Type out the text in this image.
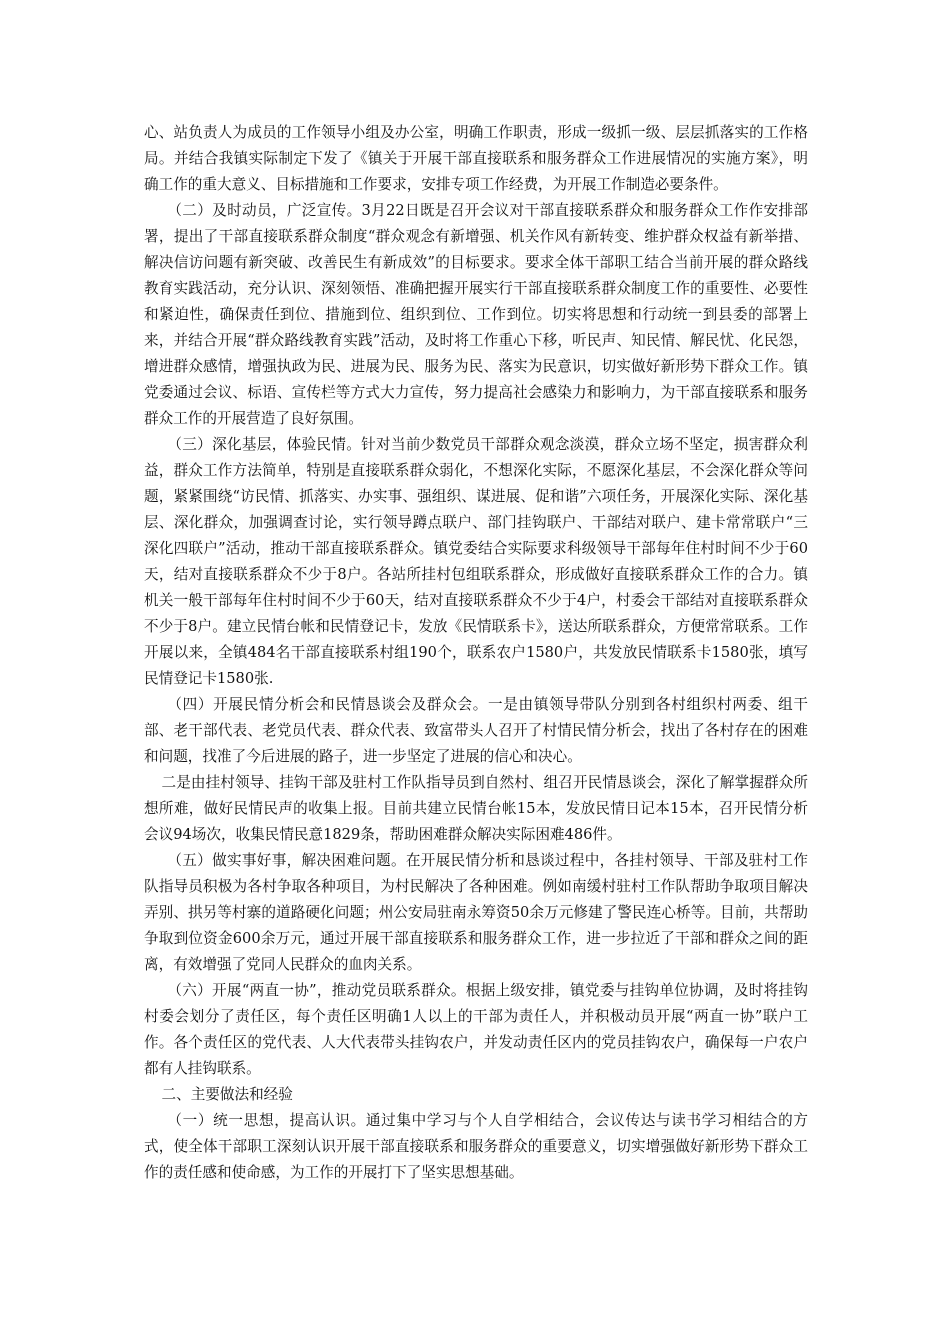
心、站负责人为成员的工作领导小组及办公室，明确工作职责，形成一级抓一级、层层抓落实的工作格局。并结合我镇实际制定下发了《镇关于开展干部直接联系和服务群众工作进展情况的实施方案》，明确工作的重大意义、目标措施和工作要求，安排专项工作经费，为开展工作制造必要条件。

（二）及时动员，广泛宣传。3月22日既是召开会议对干部直接联系群众和服务群众工作作安排部署，提出了干部直接联系群众制度“群众观念有新增强、机关作风有新转变、维护群众权益有新举措、解决信访问题有新突破、改善民生有新成效”的目标要求。要求全体干部职工结合当前开展的群众路线教育实践活动，充分认识、深刻领悟、准确把握开展实行干部直接联系群众制度工作的重要性、必要性和紧迫性，确保责任到位、措施到位、组织到位、工作到位。切实将思想和行动统一到县委的部署上来，并结合开展“群众路线教育实践”活动，及时将工作重心下移，听民声、知民情、解民忧、化民怨，增进群众感情，增强执政为民、进展为民、服务为民、落实为民意识，切实做好新形势下群众工作。镇党委通过会议、标语、宣传栏等方式大力宣传，努力提高社会感染力和影响力，为干部直接联系和服务群众工作的开展营造了良好氛围。

（三）深化基层，体验民情。针对当前少数党员干部群众观念淡漠，群众立场不坚定，损害群众利益，群众工作方法简单，特别是直接联系群众弱化，不想深化实际，不愿深化基层，不会深化群众等问题，紧紧围绕“访民情、抓落实、办实事、强组织、谋进展、促和谐”六项任务，开展深化实际、深化基层、深化群众，加强调查讨论，实行领导蹲点联户、部门挂钩联户、干部结对联户、建卡常常联户“三深化四联户”活动，推动干部直接联系群众。镇党委结合实际要求科级领导干部每年住村时间不少于60天，结对直接联系群众不少于8户。各站所挂村包组联系群众，形成做好直接联系群众工作的合力。镇机关一般干部每年住村时间不少于60天，结对直接联系群众不少于4户，村委会干部结对直接联系群众不少于8户。建立民情台帐和民情登记卡，发放《民情联系卡》，送达所联系群众，方便常常联系。工作开展以来，全镇484名干部直接联系村组190个，联系农户1580户，共发放民情联系卡1580张，填写民情登记卡1580张.

（四）开展民情分析会和民情恳谈会及群众会。一是由镇领导带队分别到各村组织村两委、组干部、老干部代表、老党员代表、群众代表、致富带头人召开了村情民情分析会，找出了各村存在的困难和问题，找准了今后进展的路子，进一步坚定了进展的信心和决心。

二是由挂村领导、挂钩干部及驻村工作队指导员到自然村、组召开民情恳谈会，深化了解掌握群众所想所难，做好民情民声的收集上报。目前共建立民情台帐15本，发放民情日记本15本，召开民情分析会议94场次，收集民情民意1829条，帮助困难群众解决实际困难486件。

（五）做实事好事，解决困难问题。在开展民情分析和恳谈过程中，各挂村领导、干部及驻村工作队指导员积极为各村争取各种项目，为村民解决了各种困难。例如南缓村驻村工作队帮助争取项目解决弄别、拱另等村寨的道路硬化问题；州公安局驻南永筹资50余万元修建了警民连心桥等。目前，共帮助争取到位资金600余万元，通过开展干部直接联系和服务群众工作，进一步拉近了干部和群众之间的距离，有效增强了党同人民群众的血肉关系。

（六）开展“两直一协”，推动党员联系群众。根据上级安排，镇党委与挂钩单位协调，及时将挂钩村委会划分了责任区，每个责任区明确1人以上的干部为责任人，并积极动员开展“两直一协”联户工作。各个责任区的党代表、人大代表带头挂钩农户，并发动责任区内的党员挂钩农户，确保每一户农户都有人挂钩联系。

二、主要做法和经验

（一）统一思想，提高认识。通过集中学习与个人自学相结合，会议传达与读书学习相结合的方式，使全体干部职工深刻认识开展干部直接联系和服务群众的重要意义，切实增强做好新形势下群众工作的责任感和使命感，为工作的开展打下了坚实思想基础。
